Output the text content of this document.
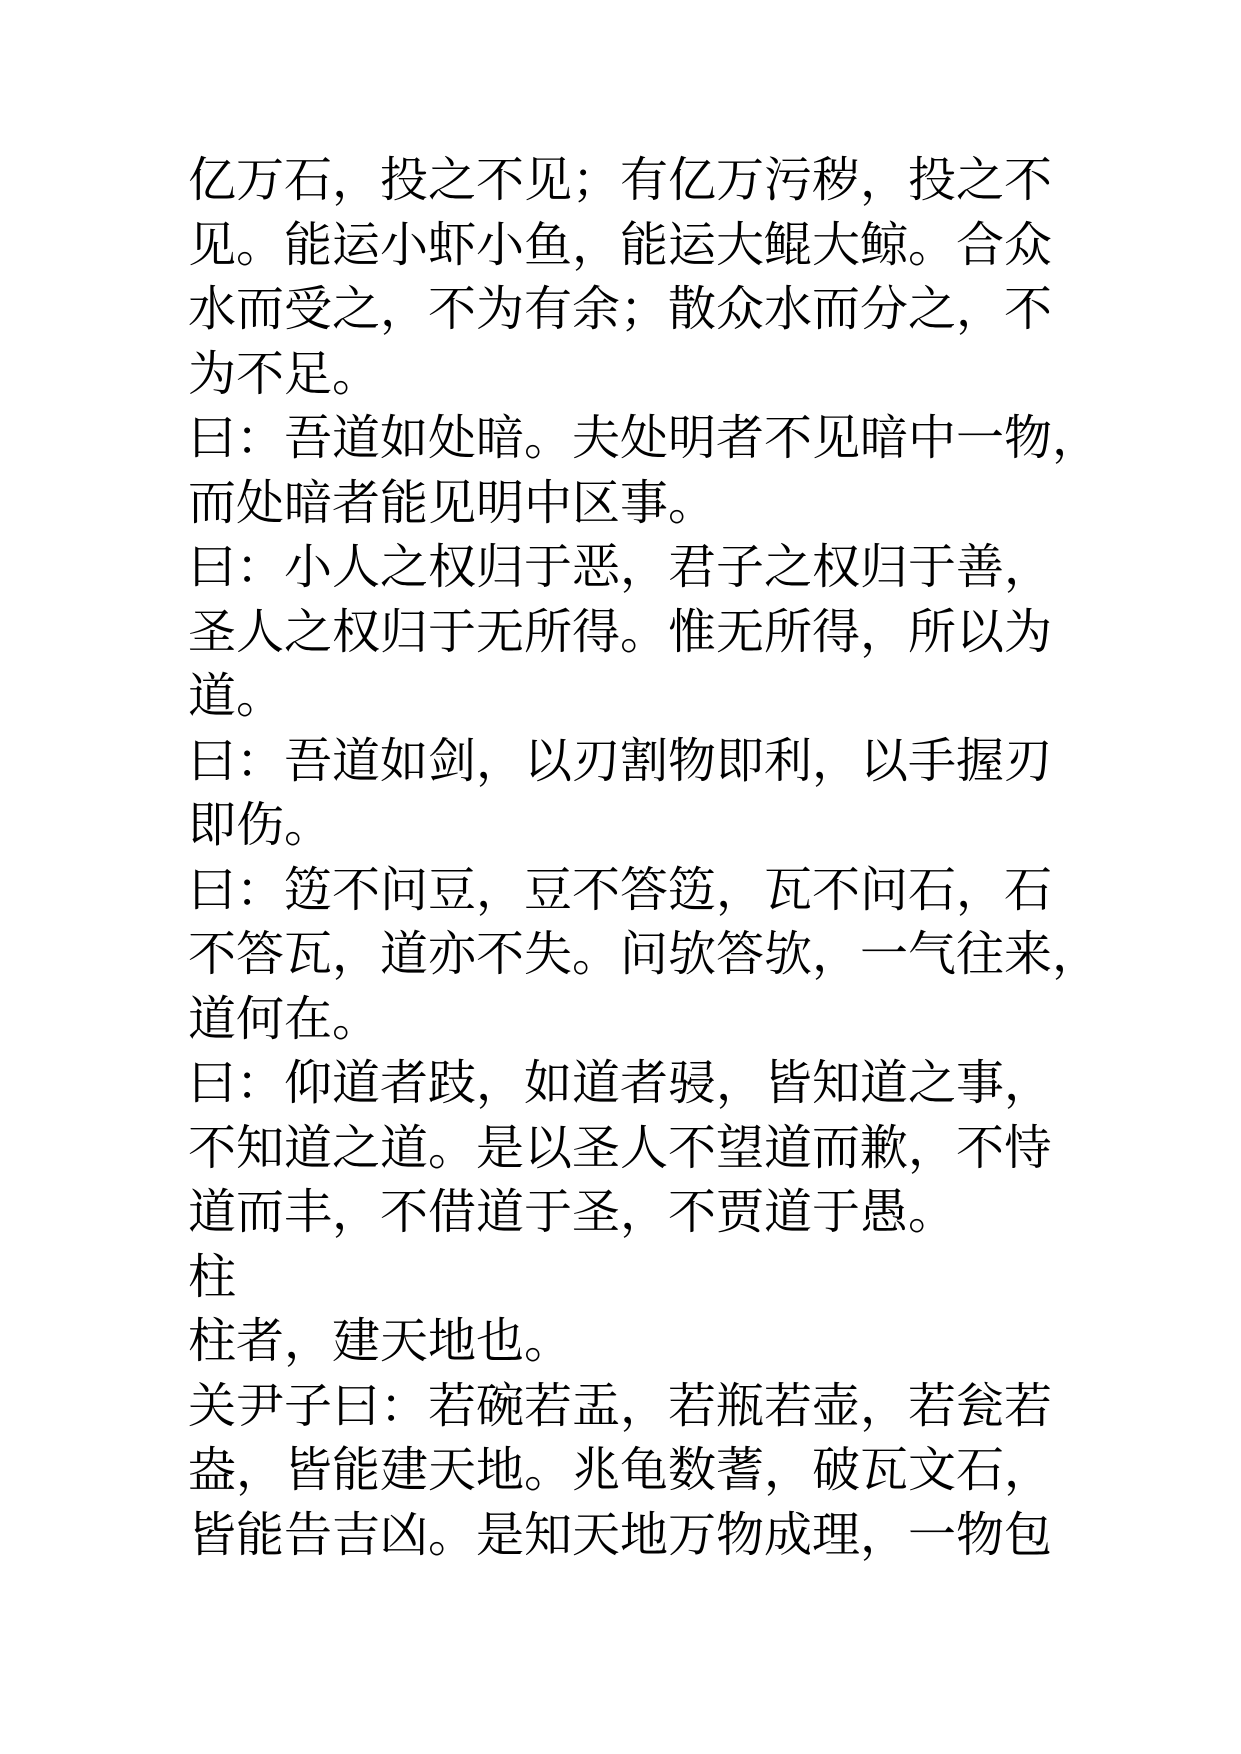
亿万石，投之不见；有亿万污秽，投之不
见。能运小虾小鱼，能运大鲲大鲸。合众
水而受之，不为有余；散众水而分之，不
为不足。
曰：吾道如处暗。夫处明者不见暗中一物，
而处暗者能见明中区事。
曰：小人之权归于恶，君子之权归于善，
圣人之权归于无所得。惟无所得，所以为
道。
曰：吾道如剑，以刃割物即利，以手握刃
即伤。
曰：笾不问豆，豆不答笾，瓦不问石，石
不答瓦，道亦不失。问欤答欤，一气往来，
道何在。
曰：仰道者跂，如道者骎，皆知道之事，
不知道之道。是以圣人不望道而歉，不恃
道而丰，不借道于圣，不贾道于愚。
柱
柱者，建天地也。
关尹子曰：若碗若盂，若瓶若壶，若瓮若
盎，皆能建天地。兆龟数蓍，破瓦文石，
皆能告吉凶。是知天地万物成理，一物包
